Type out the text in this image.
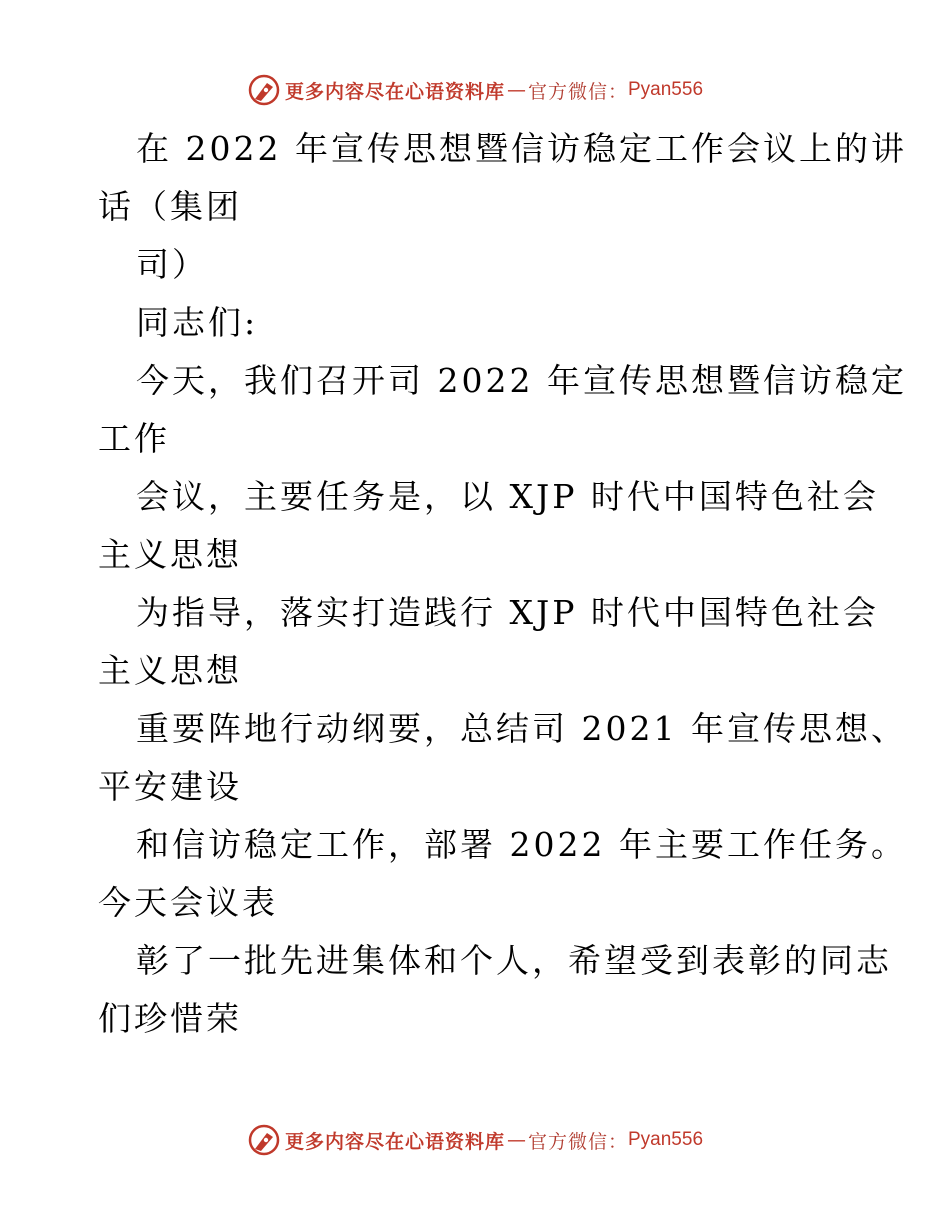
更多内容尽在心语资料库 — 官方微信： Pyan556

在 2022 年宣传思想暨信访稳定工作会议上的讲

话（集团

司）

同志们:

今天，我们召开司 2022 年宣传思想暨信访稳定

工作

会议，主要任务是，以 XJP 时代中国特色社会

主义思想

为指导，落实打造践行 XJP 时代中国特色社会

主义思想

重要阵地行动纲要，总结司 2021 年宣传思想、

平安建设

和信访稳定工作，部署 2022 年主要工作任务。

今天会议表

彰了一批先进集体和个人，希望受到表彰的同志

们珍惜荣

更多内容尽在心语资料库 — 官方微信： Pyan556
